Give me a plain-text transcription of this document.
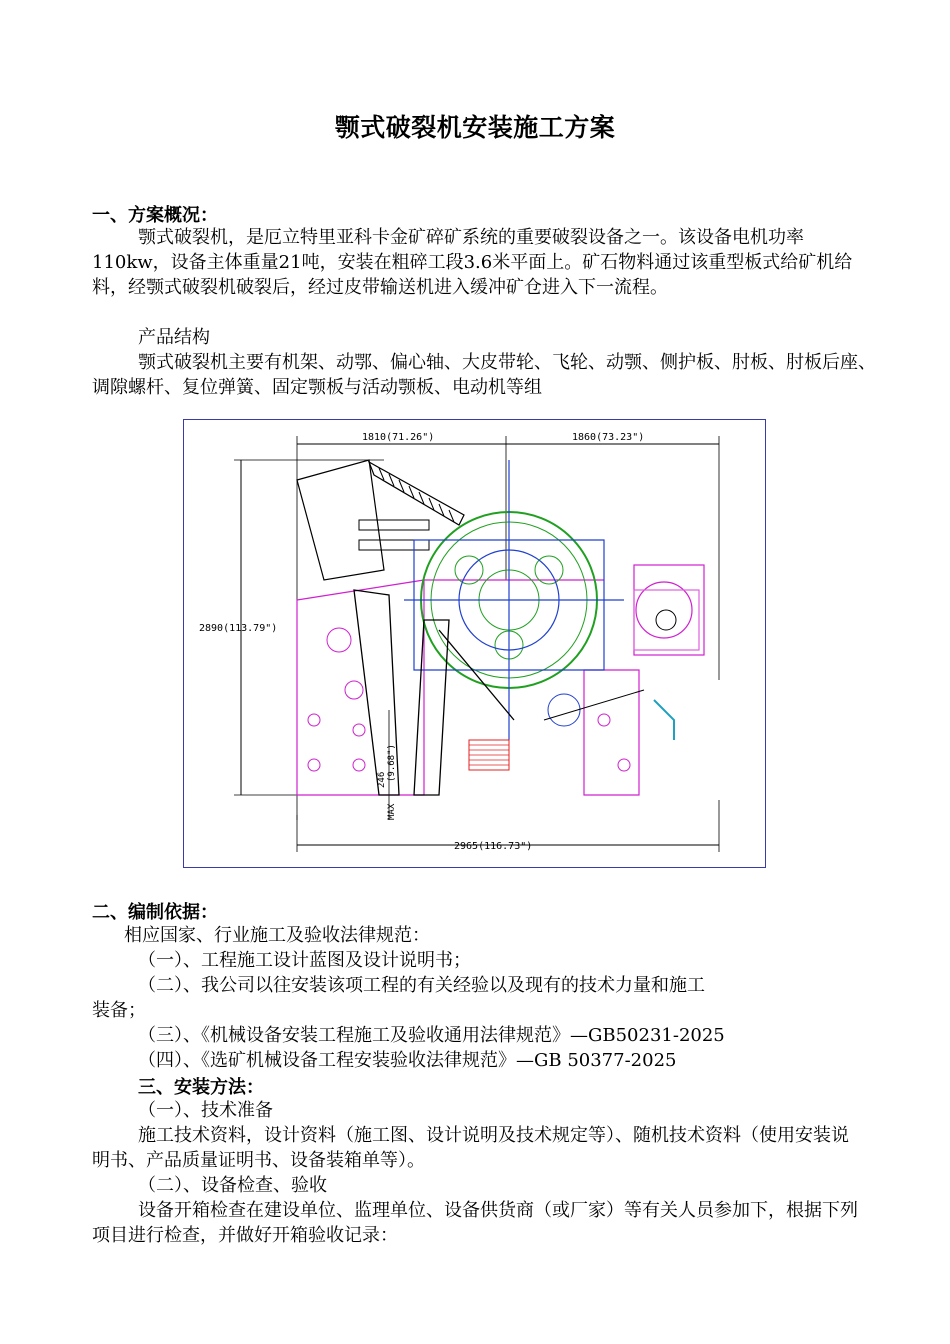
颚式破裂机安装施工方案
一、方案概况：
颚式破裂机，是厄立特里亚科卡金矿碎矿系统的重要破裂设备之一。该设备电机功率110kw，设备主体重量21吨，安装在粗碎工段3.6米平面上。矿石物料通过该重型板式给矿机给料，经颚式破裂机破裂后，经过皮带输送机进入缓冲矿仓进入下一流程。
产品结构
颚式破裂机主要有机架、动鄂、偏心轴、大皮带轮、飞轮、动颚、侧护板、肘板、肘板后座、调隙螺杆、复位弹簧、固定颚板与活动颚板、电动机等组
1810(71.26")	1860(73.23")
2890(113.79")
2965(116.73")
246 (9.68")
MAX
二、编制依据：
相应国家、行业施工及验收法律规范：
（一）、工程施工设计蓝图及设计说明书；
（二）、我公司以往安装该项工程的有关经验以及现有的技术力量和施工
装备；
（三）、《机械设备安装工程施工及验收通用法律规范》—GB50231-2025
（四）、《选矿机械设备工程安装验收法律规范》—GB 50377-2025
三、安装方法：
（一）、技术准备
施工技术资料，设计资料（施工图、设计说明及技术规定等）、随机技术资料（使用安装说明书、产品质量证明书、设备装箱单等）。
（二）、设备检查、验收
设备开箱检查在建设单位、监理单位、设备供货商（或厂家）等有关人员参加下，根据下列项目进行检查，并做好开箱验收记录：
